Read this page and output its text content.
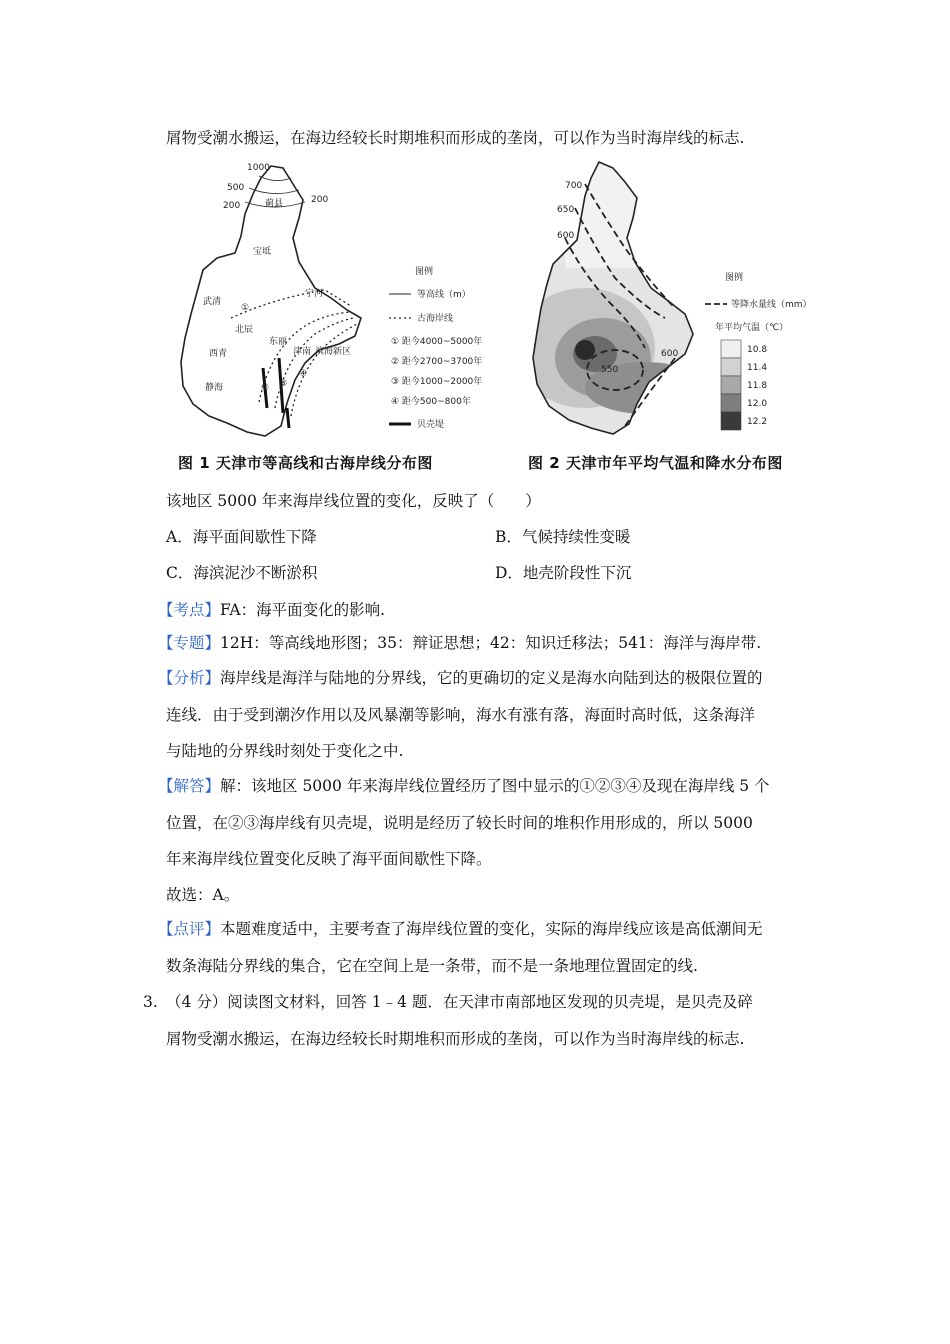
屑物受潮水搬运，在海边经较长时期堆积而形成的垄岗，可以作为当时海岸线的标志.
1000
500
200
200
蓟县
宝坻
宁河
武清
北辰
西青
东丽
津南
静海
滨海新区
①
② ③
④
图例
等高线（m）
古海岸线
① 距今4000~5000年
② 距今2700~3700年
③ 距今1000~2000年
④ 距今500~800年
贝壳堤
图 1 天津市等高线和古海岸线分布图
700
650
600
600
550
图例
等降水量线（mm）
年平均气温（℃）
10.8
11.4
11.8
12.0
12.2
图 2 天津市年平均气温和降水分布图
该地区 5000 年来海岸线位置的变化，反映了（　　）
A．海平面间歇性下降	B．气候持续性变暖
C．海滨泥沙不断淤积	D．地壳阶段性下沉
【考点】FA：海平面变化的影响.
【专题】12H：等高线地形图；35：辩证思想；42：知识迁移法；541：海洋与海岸带.
【分析】海岸线是海洋与陆地的分界线，它的更确切的定义是海水向陆到达的极限位置的
连线．由于受到潮汐作用以及风暴潮等影响，海水有涨有落，海面时高时低，这条海洋
与陆地的分界线时刻处于变化之中.
【解答】解：该地区 5000 年来海岸线位置经历了图中显示的①②③④及现在海岸线 5 个
位置，在②③海岸线有贝壳堤，说明是经历了较长时间的堆积作用形成的，所以 5000
年来海岸线位置变化反映了海平面间歇性下降。
故选：A。
【点评】本题难度适中，主要考查了海岸线位置的变化，实际的海岸线应该是高低潮间无
数条海陆分界线的集合，它在空间上是一条带，而不是一条地理位置固定的线.
3. （4 分）阅读图文材料，回答 1﹣4 题．在天津市南部地区发现的贝壳堤，是贝壳及碎
屑物受潮水搬运，在海边经较长时期堆积而形成的垄岗，可以作为当时海岸线的标志.
